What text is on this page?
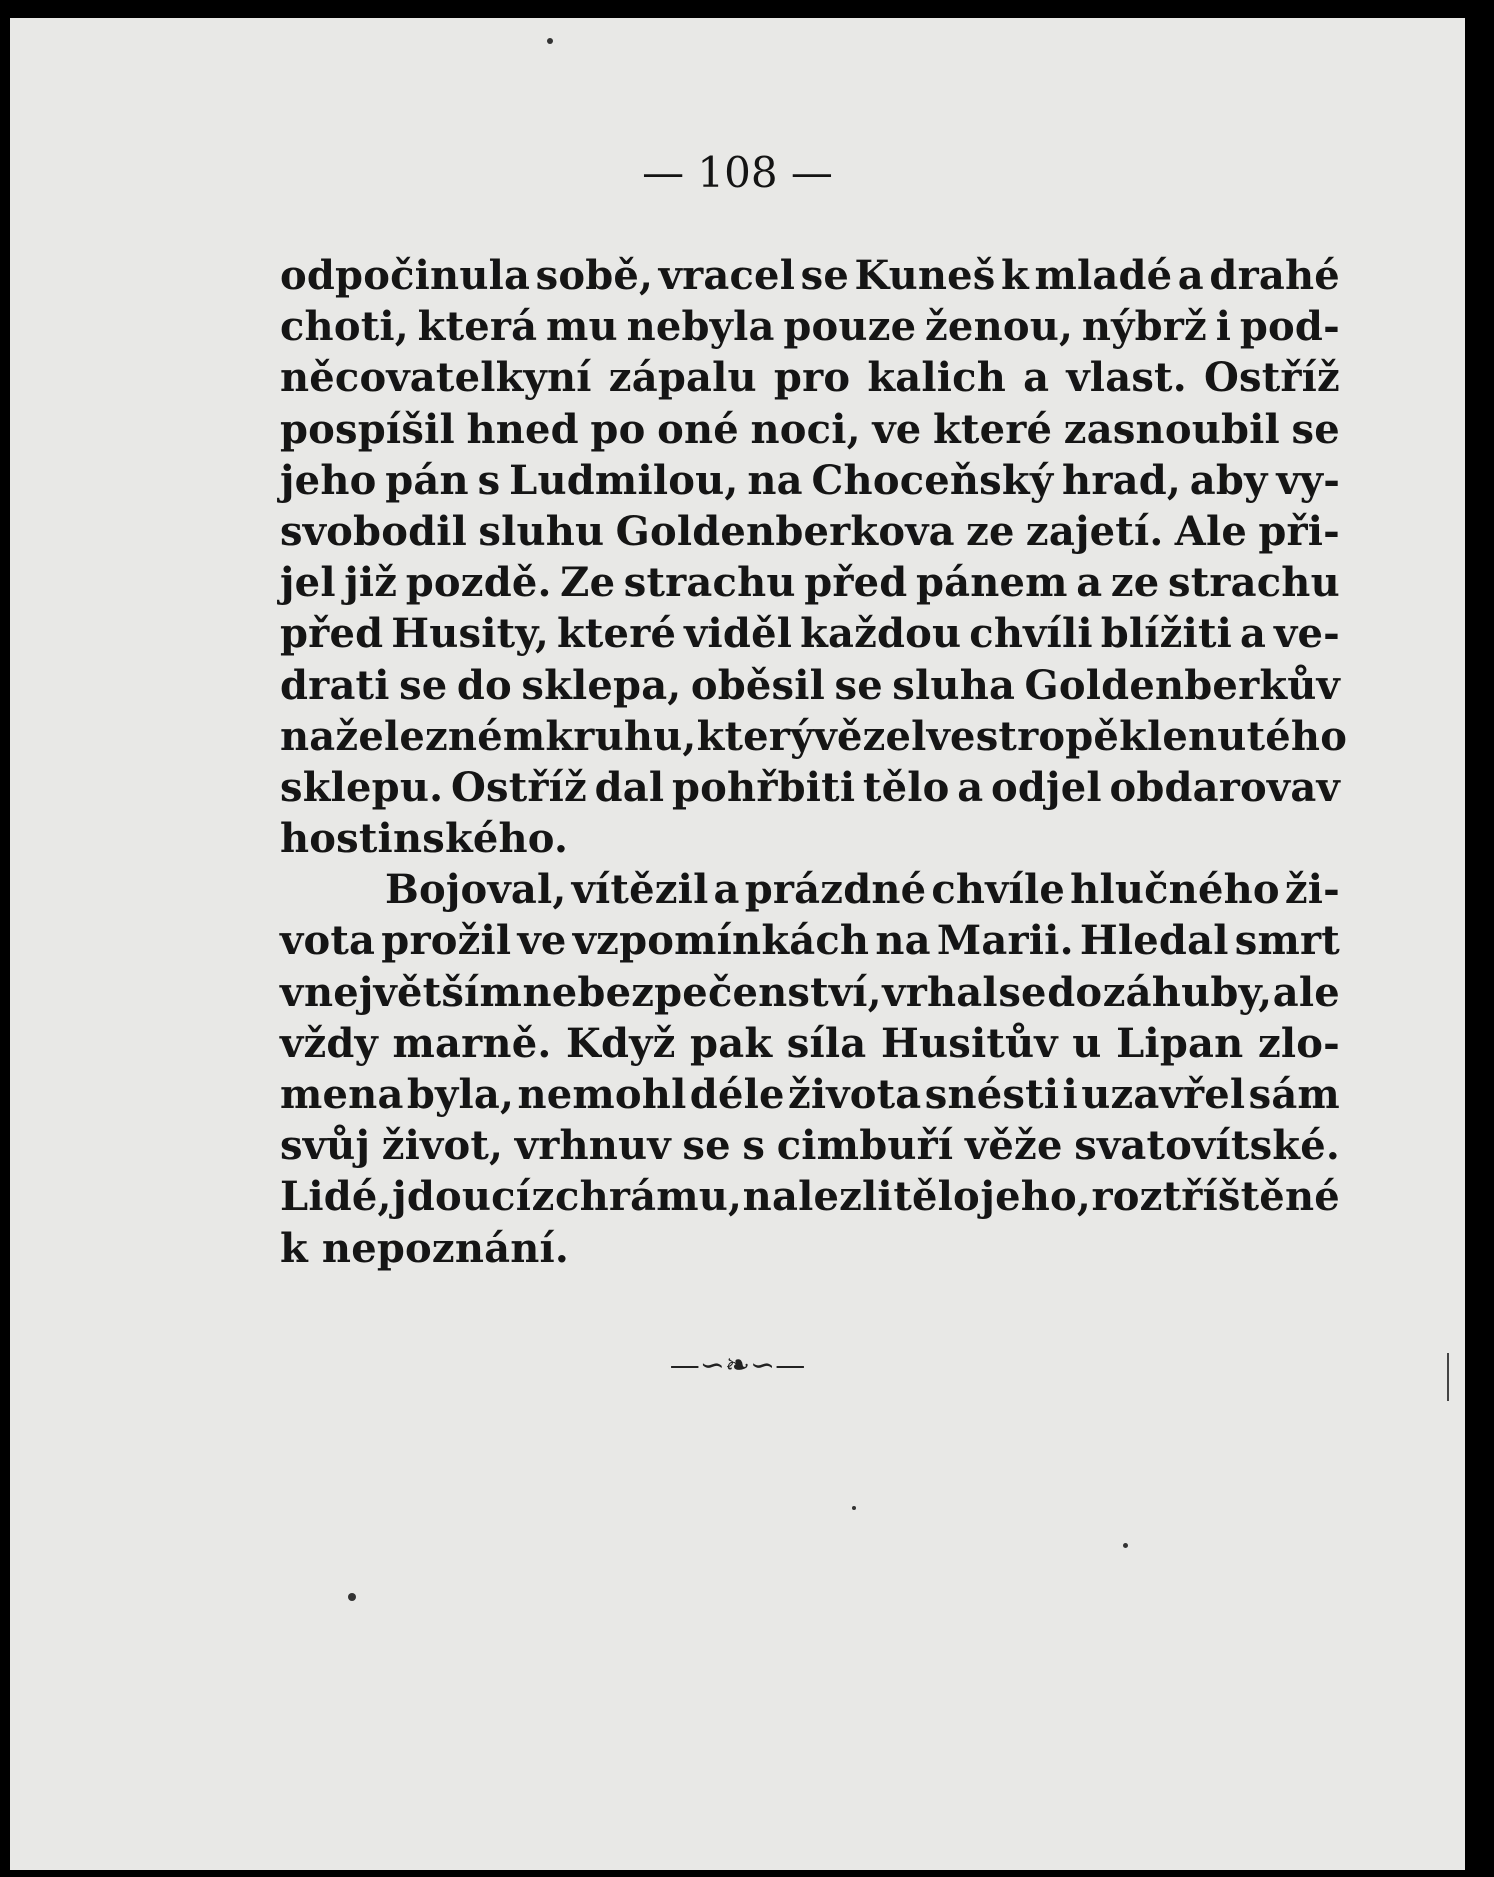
— 108 —

odpočinula sobě, vracel se Kuneš k mladé a drahé
choti, která mu nebyla pouze ženou, nýbrž i pod-
něcovatelkyní zápalu pro kalich a vlast. Ostříž
pospíšil hned po oné noci, ve které zasnoubil se
jeho pán s Ludmilou, na Choceňský hrad, aby vy-
svobodil sluhu Goldenberkova ze zajetí. Ale při-
jel již pozdě. Ze strachu před pánem a ze strachu
před Husity, které viděl každou chvíli blížiti a ve-
drati se do sklepa, oběsil se sluha Goldenberkův
na železném kruhu, který vězel ve stropě klenutého
sklepu. Ostříž dal pohřbiti tělo a odjel obdarovav
hostinského.
Bojoval, vítězil a prázdné chvíle hlučného ži-
vota prožil ve vzpomínkách na Marii. Hledal smrt
v největším nebezpečenství, vrhal se do záhuby, ale
vždy marně. Když pak síla Husitův u Lipan zlo-
mena byla, nemohl déle života snésti i uzavřel sám
svůj život, vrhnuv se s cimbuří věže svatovítské.
Lidé, jdoucí z chrámu, nalezli tělo jeho, roztříštěné
k nepoznání.
—∽❧∽—
